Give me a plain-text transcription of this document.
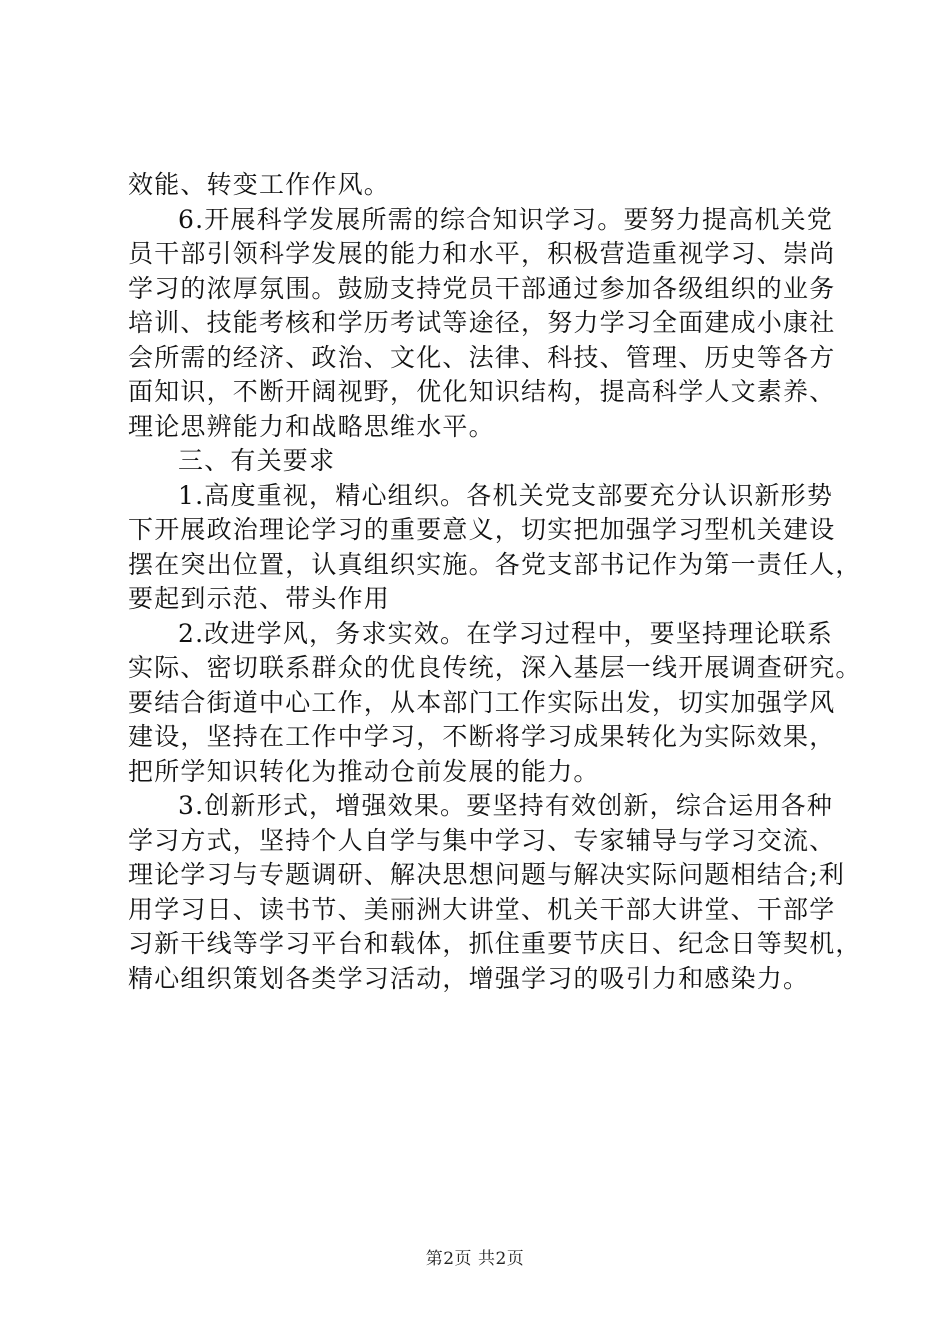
效能、转变工作作风。
6.开展科学发展所需的综合知识学习。要努力提高机关党
员干部引领科学发展的能力和水平，积极营造重视学习、崇尚
学习的浓厚氛围。鼓励支持党员干部通过参加各级组织的业务
培训、技能考核和学历考试等途径，努力学习全面建成小康社
会所需的经济、政治、文化、法律、科技、管理、历史等各方
面知识，不断开阔视野，优化知识结构，提高科学人文素养、
理论思辨能力和战略思维水平。
三、有关要求
1.高度重视，精心组织。各机关党支部要充分认识新形势
下开展政治理论学习的重要意义，切实把加强学习型机关建设
摆在突出位置，认真组织实施。各党支部书记作为第一责任人，
要起到示范、带头作用
2.改进学风，务求实效。在学习过程中，要坚持理论联系
实际、密切联系群众的优良传统，深入基层一线开展调查研究。
要结合街道中心工作，从本部门工作实际出发，切实加强学风
建设，坚持在工作中学习，不断将学习成果转化为实际效果，
把所学知识转化为推动仓前发展的能力。
3.创新形式，增强效果。要坚持有效创新，综合运用各种
学习方式，坚持个人自学与集中学习、专家辅导与学习交流、
理论学习与专题调研、解决思想问题与解决实际问题相结合;利
用学习日、读书节、美丽洲大讲堂、机关干部大讲堂、干部学
习新干线等学习平台和载体，抓住重要节庆日、纪念日等契机，
精心组织策划各类学习活动，增强学习的吸引力和感染力。
第2页 共2页
